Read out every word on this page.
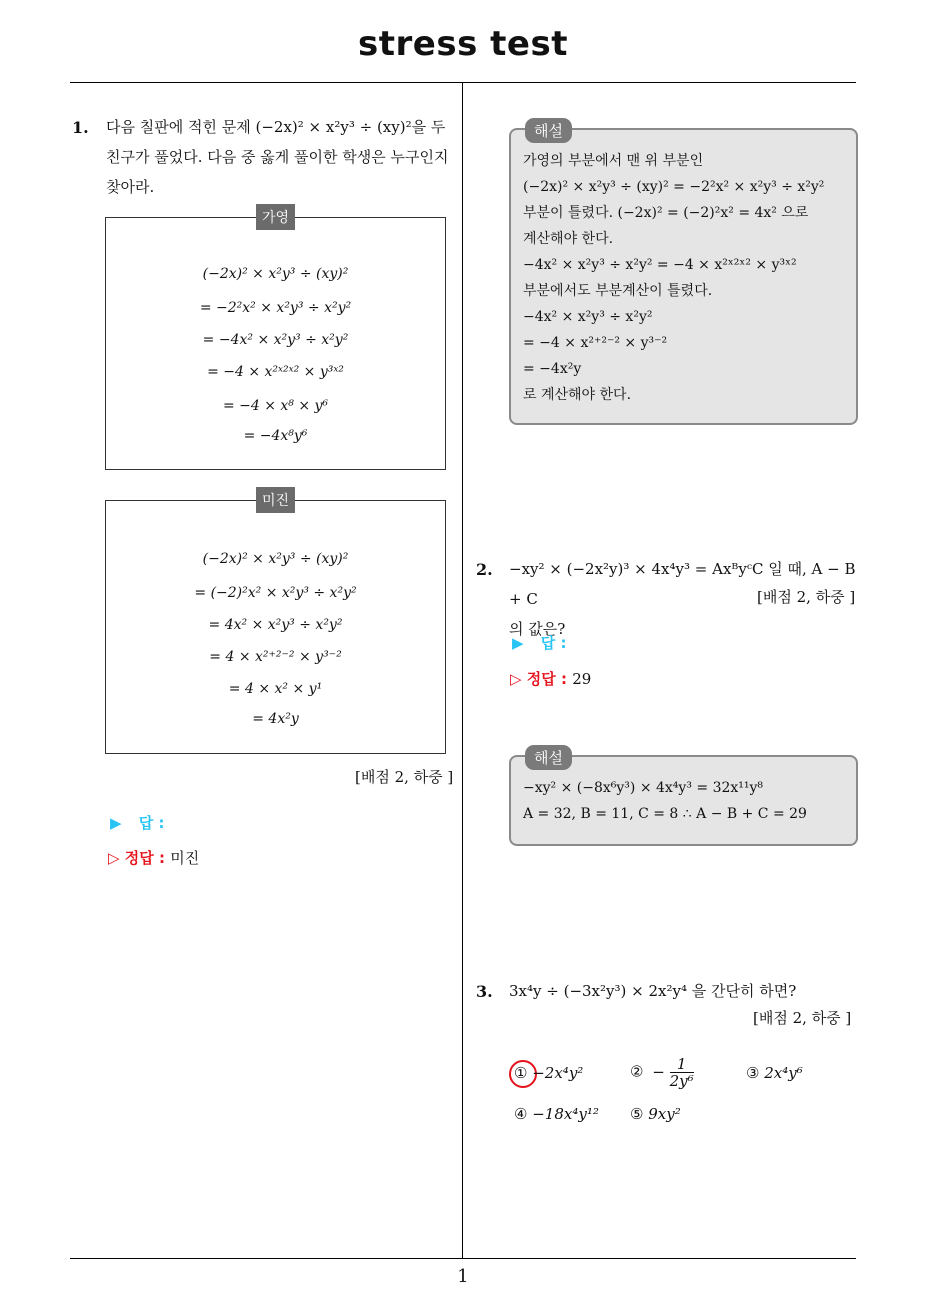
stress test
1
1. 다음 칠판에 적힌 문제 (−2x)² × x²y³ ÷ (xy)²을 두
친구가 풀었다. 다음 중 옳게 풀이한 학생은 누구인지
찾아라.
가영
(−2x)² × x²y³ ÷ (xy)²
= −2²x² × x²y³ ÷ x²y²
= −4x² × x²y³ ÷ x²y²
= −4 × x²ˣ²ˣ² × y³ˣ²
= −4 × x⁸ × y⁶
= −4x⁸y⁶
미진
(−2x)² × x²y³ ÷ (xy)²
= (−2)²x² × x²y³ ÷ x²y²
= 4x² × x²y³ ÷ x²y²
= 4 × x²⁺²⁻² × y³⁻²
= 4 × x² × y¹
= 4x²y
[배점 2, 하중 ]
▶ 답 :
▷ 정답 : 미진
해설
가영의 부분에서 맨 위 부분인
(−2x)² × x²y³ ÷ (xy)² = −2²x² × x²y³ ÷ x²y²
부분이 틀렸다. (−2x)² = (−2)²x² = 4x² 으로
계산해야 한다.
−4x² × x²y³ ÷ x²y² = −4 × x²ˣ²ˣ² × y³ˣ²
부분에서도 부분계산이 틀렸다.
−4x² × x²y³ ÷ x²y²
= −4 × x²⁺²⁻² × y³⁻²
= −4x²y
로 계산해야 한다.
2. −xy² × (−2x²y)³ × 4x⁴y³ = AxᴮyᶜC 일 때, A − B + C
의 값은?
[배점 2, 하중 ]
▶ 답 :
▷ 정답 : 29
해설
−xy² × (−8x⁶y³) × 4x⁴y³ = 32x¹¹y⁸
A = 32, B = 11, C = 8 ∴ A − B + C = 29
3. 3x⁴y ÷ (−3x²y³) × 2x²y⁴ 을 간단히 하면?
[배점 2, 하중 ]
① −2x⁴y²	② − $\frac{1}{\text{2y⁶}}$	③ 2x⁴y⁶
④ −18x⁴y¹² ⑤ 9xy²
